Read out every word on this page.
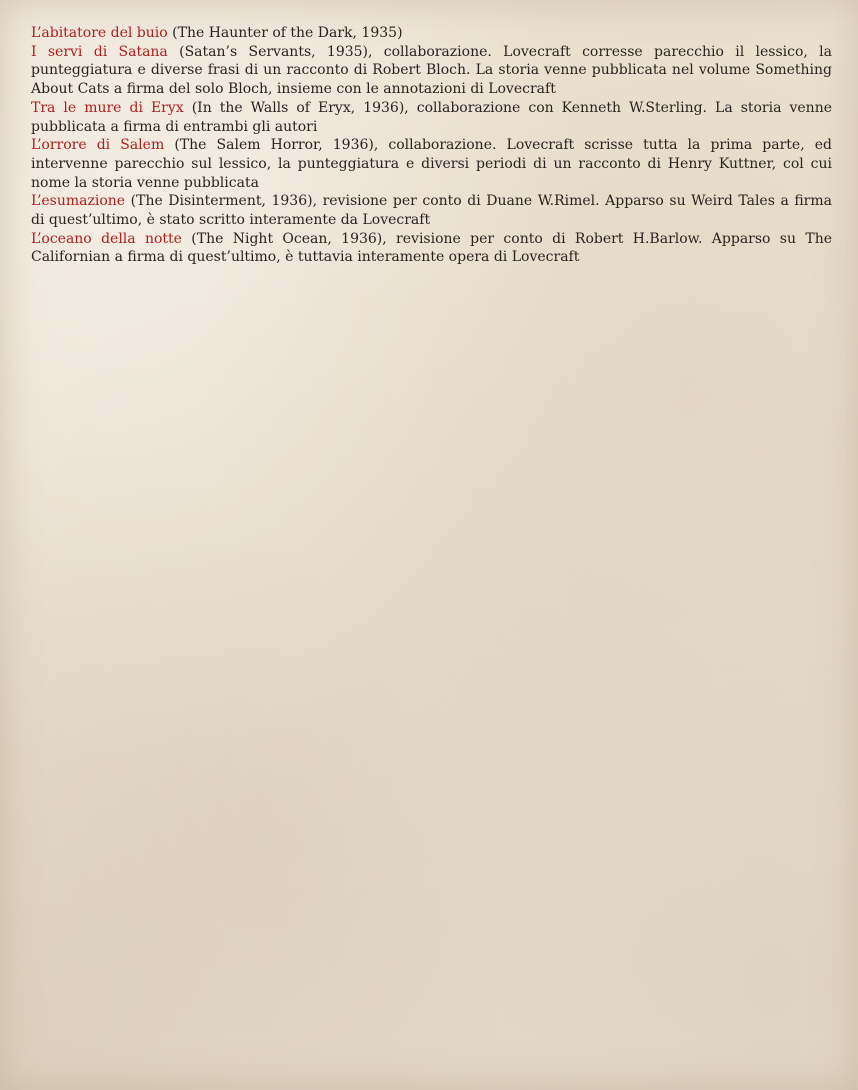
L’abitatore del buio (The Haunter of the Dark, 1935)

I servi di Satana (Satan’s Servants, 1935), collaborazione. Lovecraft corresse parecchio il lessico, la punteggiatura e diverse frasi di un racconto di Robert Bloch. La storia venne pubblicata nel volume Something About Cats a firma del solo Bloch, insieme con le annotazioni di Lovecraft

Tra le mure di Eryx (In the Walls of Eryx, 1936), collaborazione con Kenneth W.Sterling. La storia venne pubblicata a firma di entrambi gli autori

L’orrore di Salem (The Salem Horror, 1936), collaborazione. Lovecraft scrisse tutta la prima parte, ed intervenne parecchio sul lessico, la punteggiatura e diversi periodi di un racconto di Henry Kuttner, col cui nome la storia venne pubblicata

L’esumazione (The Disinterment, 1936), revisione per conto di Duane W.Rimel. Apparso su Weird Tales a firma di quest’ultimo, è stato scritto interamente da Lovecraft

L’oceano della notte (The Night Ocean, 1936), revisione per conto di Robert H.Barlow. Apparso su The Californian a firma di quest’ultimo, è tuttavia interamente opera di Lovecraft
